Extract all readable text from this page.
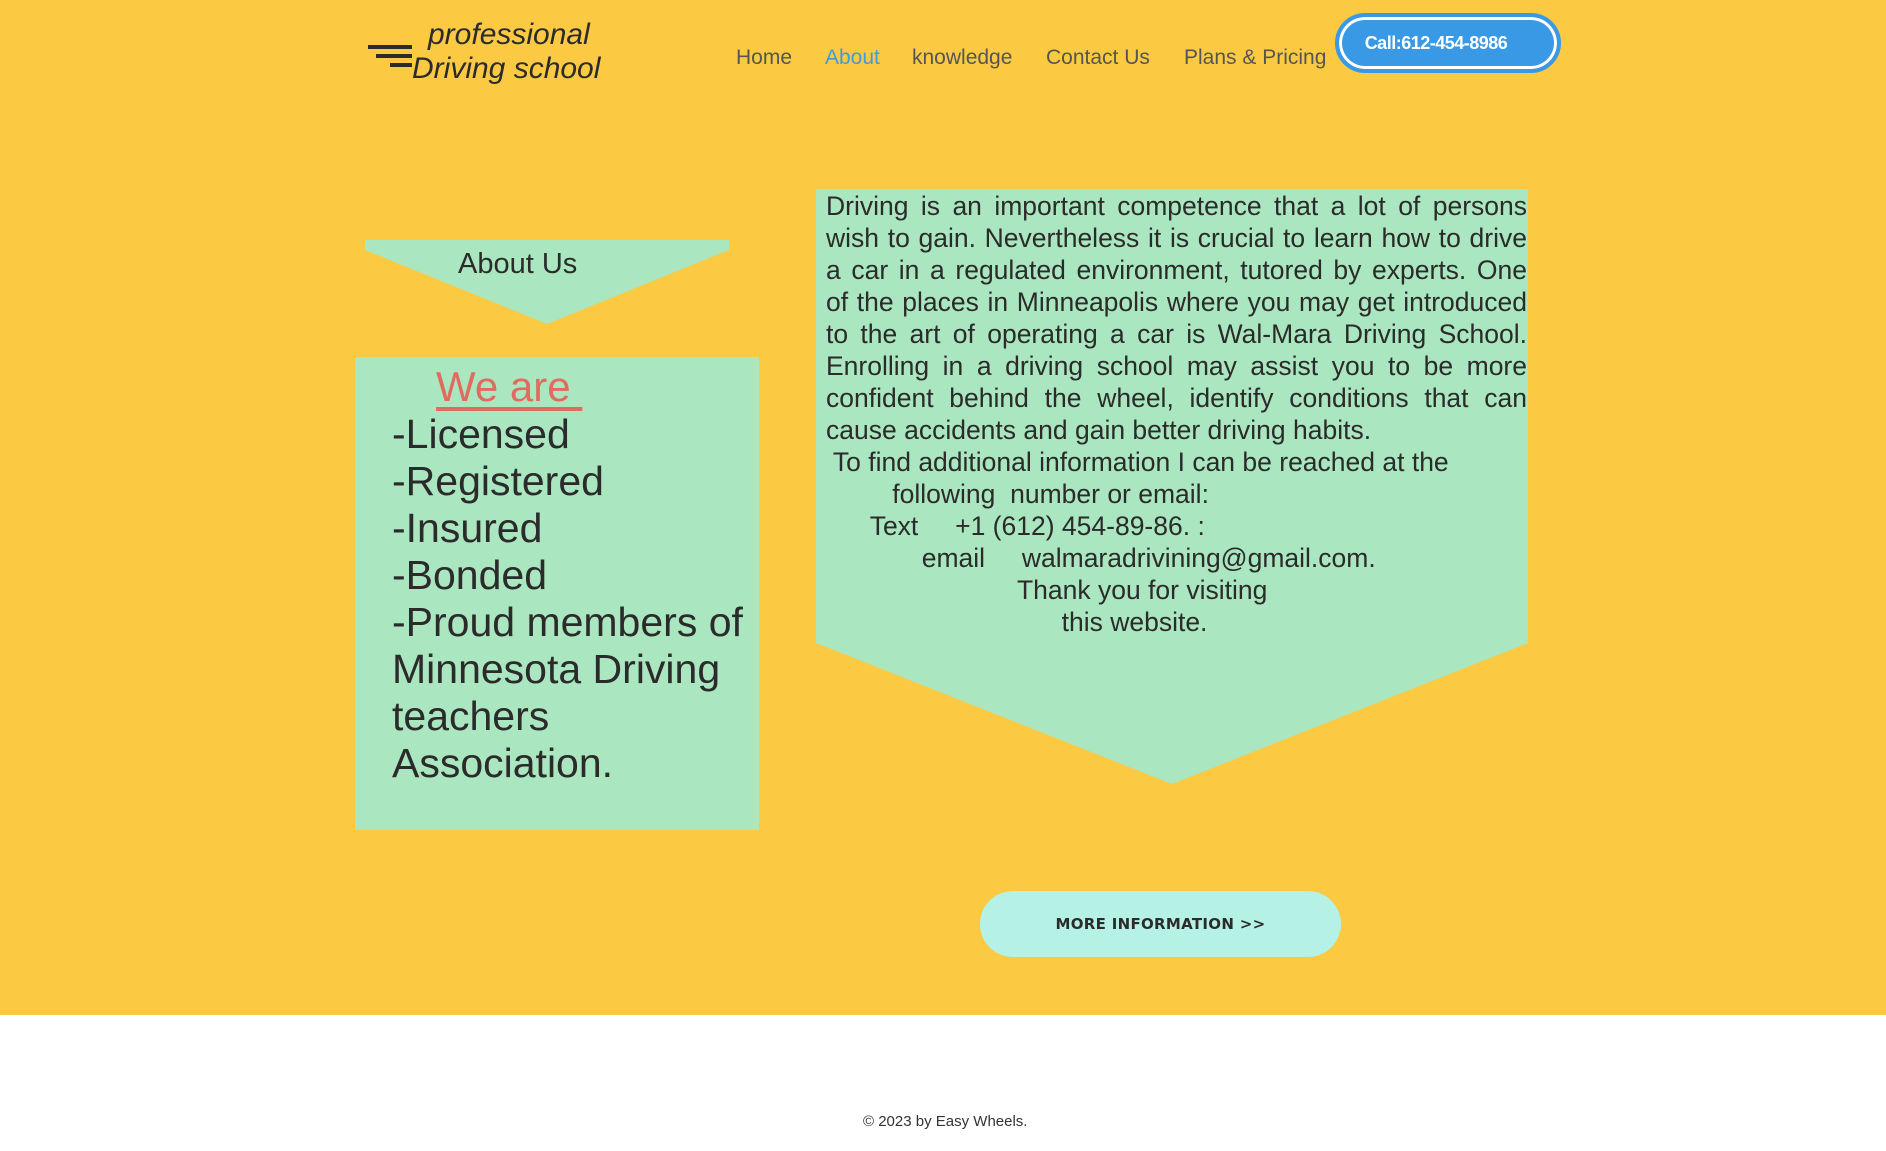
professional
Driving school	Home About knowledge Contact Us Plans & Pricing
Call:612-454-8986
About Us
We are
-Licensed
-Registered
-Insured
-Bonded
-Proud members of Minnesota Driving teachers Association.

Driving is an important competence that a lot of persons wish to gain. Nevertheless it is crucial to learn how to drive a car in a regulated environment, tutored by experts. One of the places in Minneapolis where you may get introduced to the art of operating a car is Wal-Mara Driving School. Enrolling in a driving school may assist you to be more confident behind the wheel, identify conditions that can cause accidents and gain better driving habits.

To find additional information I can be reached at the

following  number or email:

Text     +1 (612) 454-89-86. :

email     walmaradrivining@gmail.com.

Thank you for visiting

this website.

MORE INFORMATION >>
© 2023 by Easy Wheels.
